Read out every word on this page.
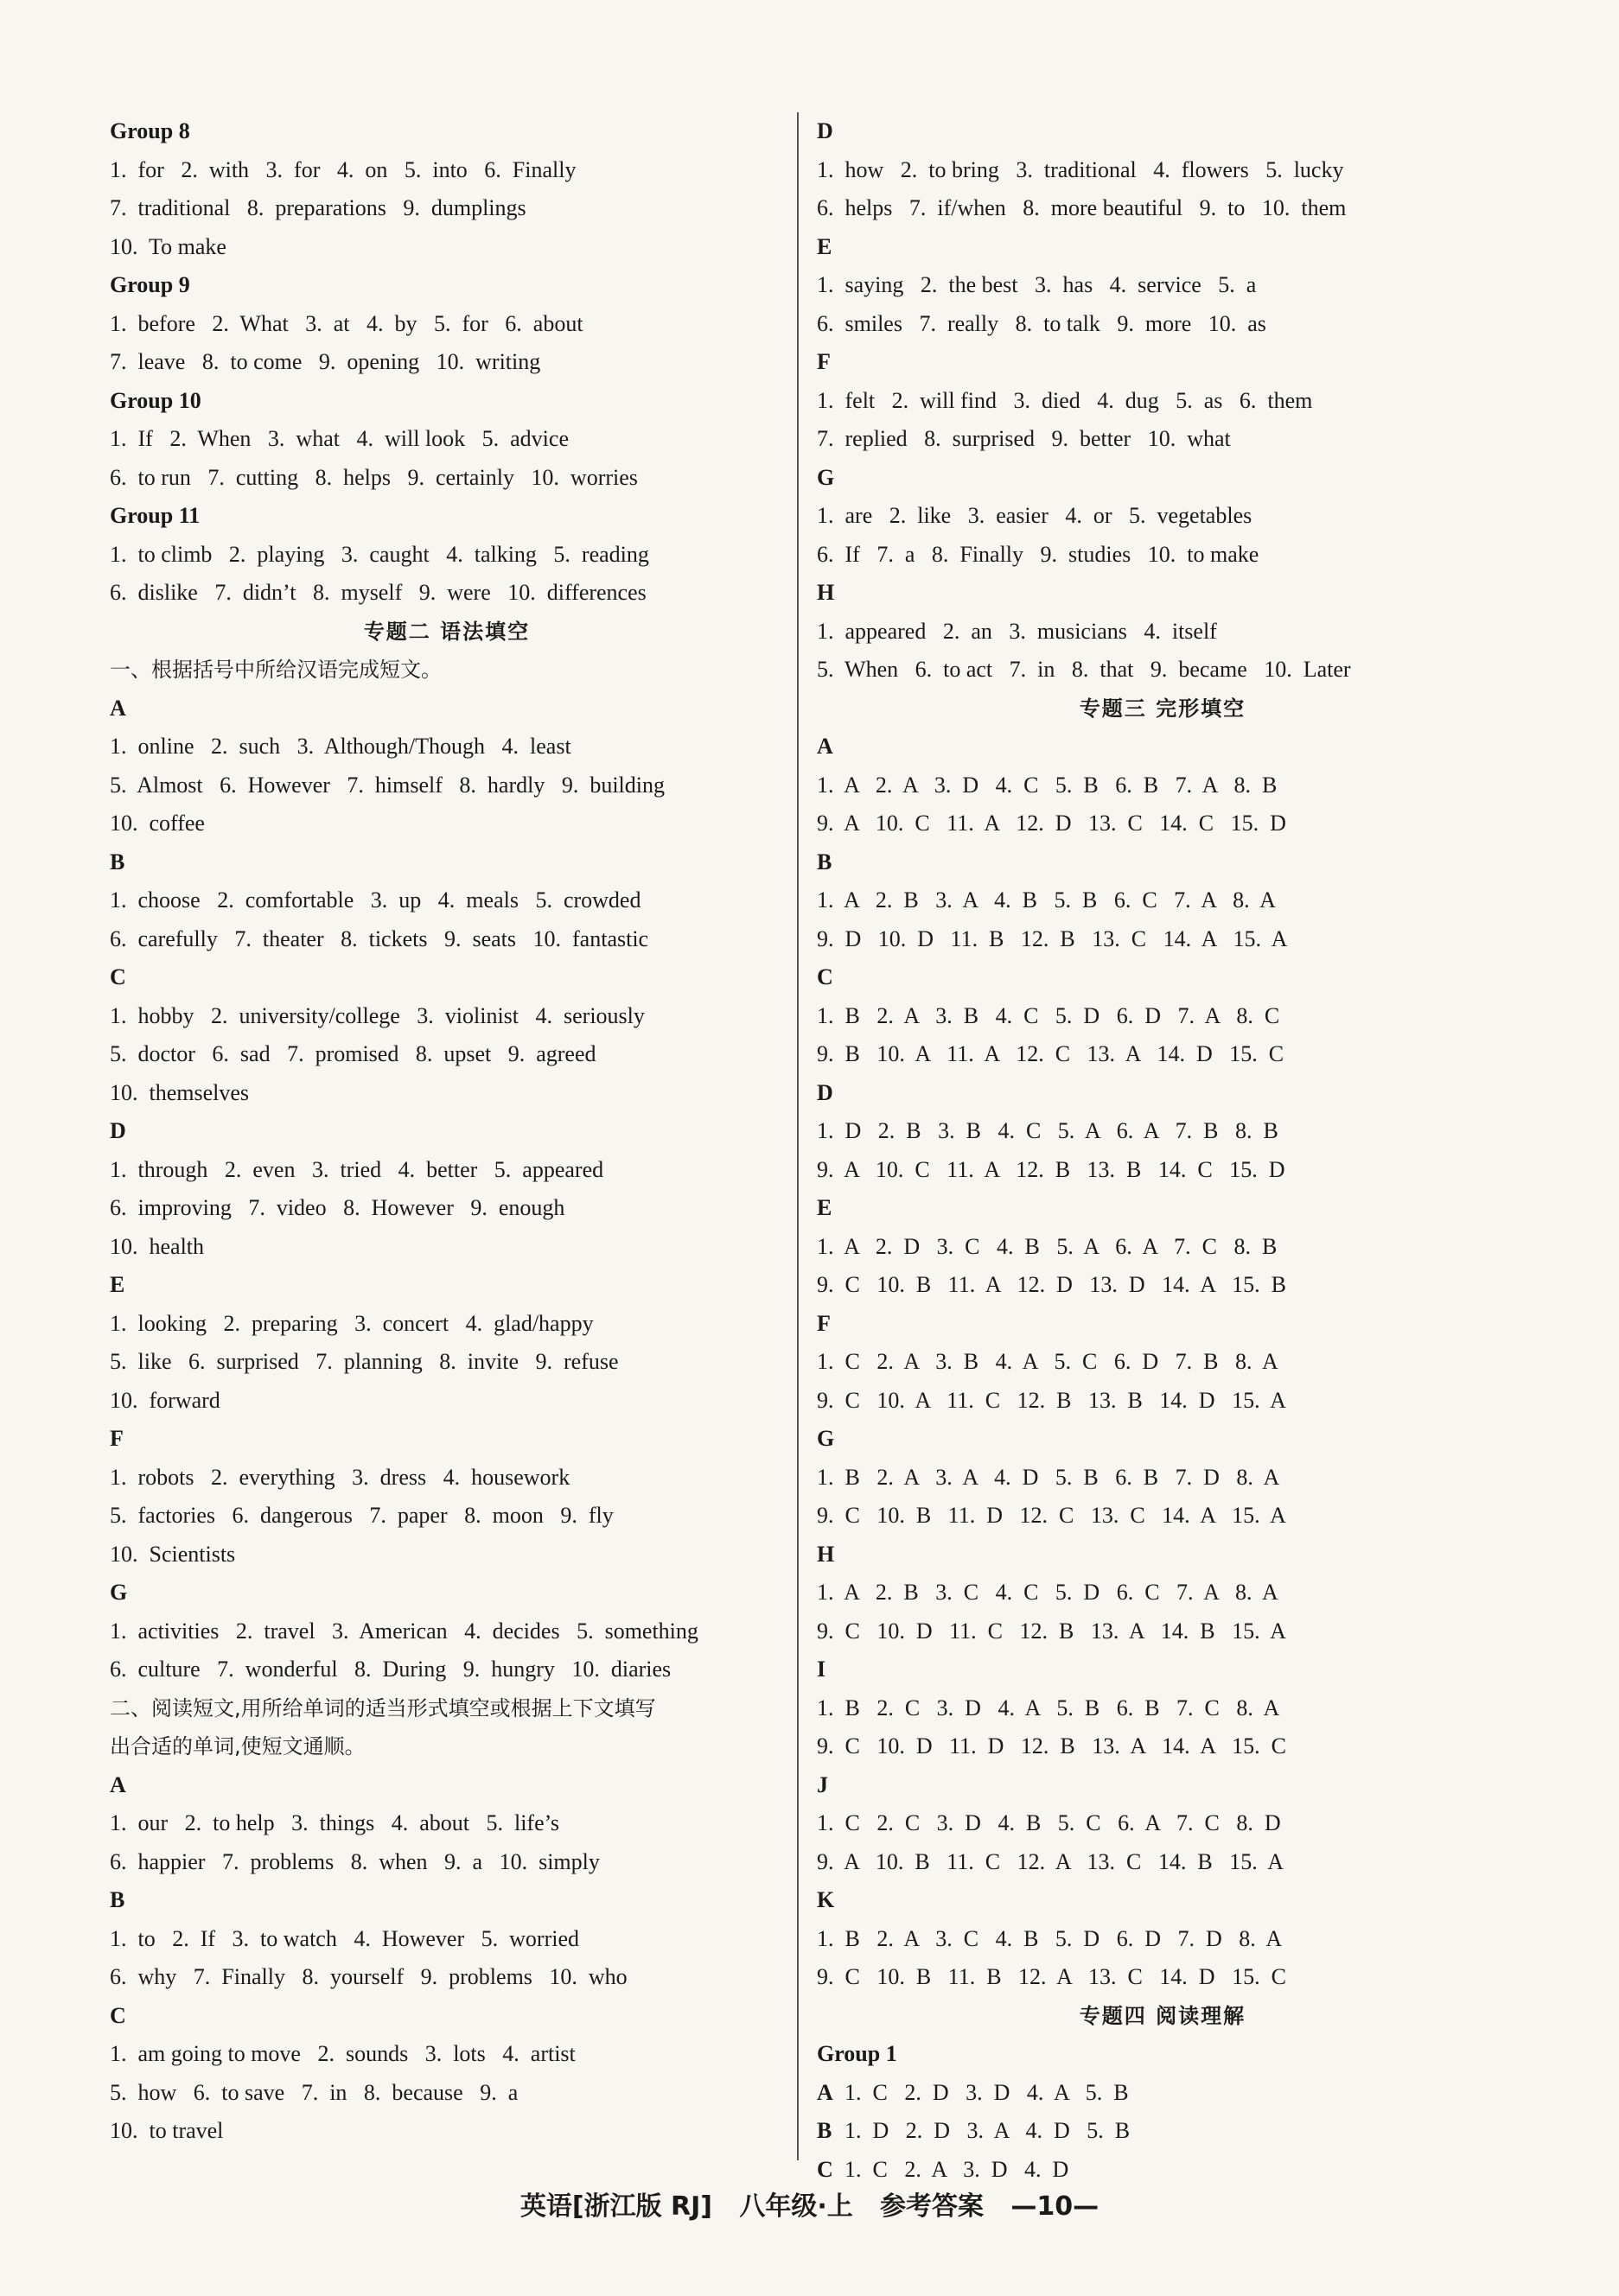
Group 8
1.  for   2.  with   3.  for   4.  on   5.  into   6.  Finally
7.  traditional   8.  preparations   9.  dumplings
10.  To make
Group 9
1.  before   2.  What   3.  at   4.  by   5.  for   6.  about
7.  leave   8.  to come   9.  opening   10.  writing
Group 10
1.  If   2.  When   3.  what   4.  will look   5.  advice
6.  to run   7.  cutting   8.  helps   9.  certainly   10.  worries
Group 11
1.  to climb   2.  playing   3.  caught   4.  talking   5.  reading
6.  dislike   7.  didn’t   8.  myself   9.  were   10.  differences
专题二 语法填空
一、根据括号中所给汉语完成短文。
A
1.  online   2.  such   3.  Although/Though   4.  least
5.  Almost   6.  However   7.  himself   8.  hardly   9.  building
10.  coffee
B
1.  choose   2.  comfortable   3.  up   4.  meals   5.  crowded
6.  carefully   7.  theater   8.  tickets   9.  seats   10.  fantastic
C
1.  hobby   2.  university/college   3.  violinist   4.  seriously
5.  doctor   6.  sad   7.  promised   8.  upset   9.  agreed
10.  themselves
D
1.  through   2.  even   3.  tried   4.  better   5.  appeared
6.  improving   7.  video   8.  However   9.  enough
10.  health
E
1.  looking   2.  preparing   3.  concert   4.  glad/happy
5.  like   6.  surprised   7.  planning   8.  invite   9.  refuse
10.  forward
F
1.  robots   2.  everything   3.  dress   4.  housework
5.  factories   6.  dangerous   7.  paper   8.  moon   9.  fly
10.  Scientists
G
1.  activities   2.  travel   3.  American   4.  decides   5.  something
6.  culture   7.  wonderful   8.  During   9.  hungry   10.  diaries
二、阅读短文,用所给单词的适当形式填空或根据上下文填写
出合适的单词,使短文通顺。
A
1.  our   2.  to help   3.  things   4.  about   5.  life’s
6.  happier   7.  problems   8.  when   9.  a   10.  simply
B
1.  to   2.  If   3.  to watch   4.  However   5.  worried
6.  why   7.  Finally   8.  yourself   9.  problems   10.  who
C
1.  am going to move   2.  sounds   3.  lots   4.  artist
5.  how   6.  to save   7.  in   8.  because   9.  a
10.  to travel
D
1.  how   2.  to bring   3.  traditional   4.  flowers   5.  lucky
6.  helps   7.  if/when   8.  more beautiful   9.  to   10.  them
E
1.  saying   2.  the best   3.  has   4.  service   5.  a
6.  smiles   7.  really   8.  to talk   9.  more   10.  as
F
1.  felt   2.  will find   3.  died   4.  dug   5.  as   6.  them
7.  replied   8.  surprised   9.  better   10.  what
G
1.  are   2.  like   3.  easier   4.  or   5.  vegetables
6.  If   7.  a   8.  Finally   9.  studies   10.  to make
H
1.  appeared   2.  an   3.  musicians   4.  itself
5.  When   6.  to act   7.  in   8.  that   9.  became   10.  Later
专题三 完形填空
A
1.  A   2.  A   3.  D   4.  C   5.  B   6.  B   7.  A   8.  B
9.  A   10.  C   11.  A   12.  D   13.  C   14.  C   15.  D
B
1.  A   2.  B   3.  A   4.  B   5.  B   6.  C   7.  A   8.  A
9.  D   10.  D   11.  B   12.  B   13.  C   14.  A   15.  A
C
1.  B   2.  A   3.  B   4.  C   5.  D   6.  D   7.  A   8.  C
9.  B   10.  A   11.  A   12.  C   13.  A   14.  D   15.  C
D
1.  D   2.  B   3.  B   4.  C   5.  A   6.  A   7.  B   8.  B
9.  A   10.  C   11.  A   12.  B   13.  B   14.  C   15.  D
E
1.  A   2.  D   3.  C   4.  B   5.  A   6.  A   7.  C   8.  B
9.  C   10.  B   11.  A   12.  D   13.  D   14.  A   15.  B
F
1.  C   2.  A   3.  B   4.  A   5.  C   6.  D   7.  B   8.  A
9.  C   10.  A   11.  C   12.  B   13.  B   14.  D   15.  A
G
1.  B   2.  A   3.  A   4.  D   5.  B   6.  B   7.  D   8.  A
9.  C   10.  B   11.  D   12.  C   13.  C   14.  A   15.  A
H
1.  A   2.  B   3.  C   4.  C   5.  D   6.  C   7.  A   8.  A
9.  C   10.  D   11.  C   12.  B   13.  A   14.  B   15.  A
I
1.  B   2.  C   3.  D   4.  A   5.  B   6.  B   7.  C   8.  A
9.  C   10.  D   11.  D   12.  B   13.  A   14.  A   15.  C
J
1.  C   2.  C   3.  D   4.  B   5.  C   6.  A   7.  C   8.  D
9.  A   10.  B   11.  C   12.  A   13.  C   14.  B   15.  A
K
1.  B   2.  A   3.  C   4.  B   5.  D   6.  D   7.  D   8.  A
9.  C   10.  B   11.  B   12.  A   13.  C   14.  D   15.  C
专题四 阅读理解
Group 1
A 1.  C   2.  D   3.  D   4.  A   5.  B
B 1.  D   2.  D   3.  A   4.  D   5.  B
C 1.  C   2.  A   3.  D   4.  D
英语[浙江版 RJ]   八年级·上   参考答案   —10—
